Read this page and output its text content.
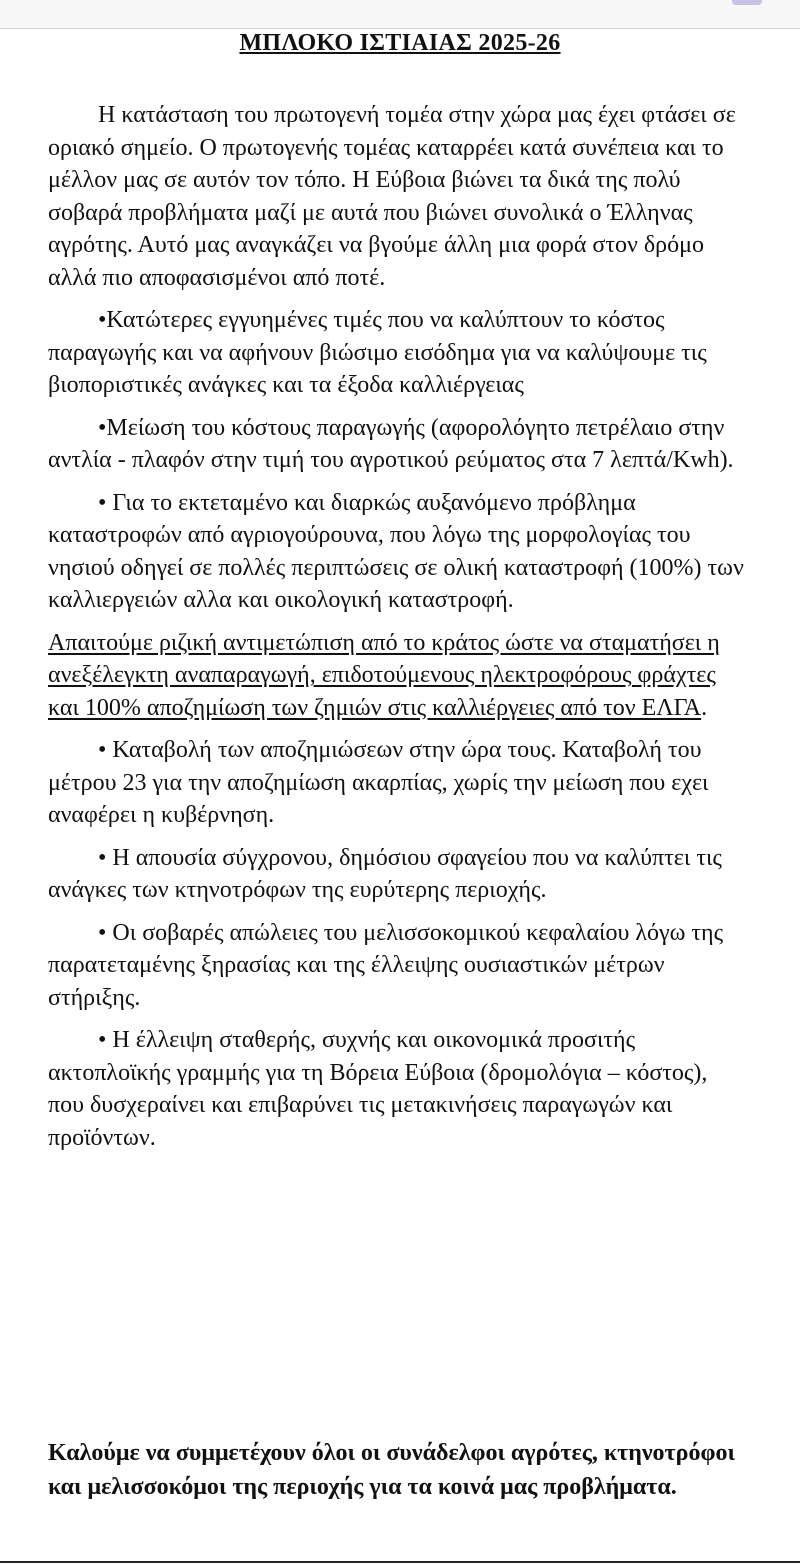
ΜΠΛΟΚΟ ΙΣΤΙΑΙΑΣ 2025-26

Η κατάσταση του πρωτογενή τομέα στην χώρα μας έχει φτάσει σε οριακό σημείο. Ο πρωτογενής τομέας καταρρέει κατά συνέπεια και το μέλλον μας σε αυτόν τον τόπο. Η Εύβοια βιώνει τα δικά της πολύ σοβαρά προβλήματα μαζί με αυτά που βιώνει συνολικά ο Έλληνας αγρότης. Αυτό μας αναγκάζει να βγούμε άλλη μια φορά στον δρόμο αλλά πιο αποφασισμένοι από ποτέ.

•Κατώτερες εγγυημένες τιμές που να καλύπτουν το κόστος παραγωγής και να αφήνουν βιώσιμο εισόδημα για να καλύψουμε τις βιοποριστικές ανάγκες και τα έξοδα καλλιέργειας

•Μείωση του κόστους παραγωγής (αφορολόγητο πετρέλαιο στην αντλία - πλαφόν στην τιμή του αγροτικού ρεύματος στα 7 λεπτά/Kwh).

• Για το εκτεταμένο και διαρκώς αυξανόμενο πρόβλημα καταστροφών από αγριογούρουνα, που λόγω της μορφολογίας του νησιού οδηγεί σε πολλές περιπτώσεις σε ολική καταστροφή (100%) των καλλιεργειών αλλα και οικολογική καταστροφή.

Απαιτούμε ριζική αντιμετώπιση από το κράτος ώστε να σταματήσει η ανεξέλεγκτη αναπαραγωγή, επιδοτούμενους ηλεκτροφόρους φράχτες και 100% αποζημίωση των ζημιών στις καλλιέργειες από τον ΕΛΓΑ.

• Καταβολή των αποζημιώσεων στην ώρα τους. Καταβολή του μέτρου 23 για την αποζημίωση ακαρπίας, χωρίς την μείωση που εχει αναφέρει η κυβέρνηση.

• Η απουσία σύγχρονου, δημόσιου σφαγείου που να καλύπτει τις ανάγκες των κτηνοτρόφων της ευρύτερης περιοχής.

• Οι σοβαρές απώλειες του μελισσοκομικού κεφαλαίου λόγω της παρατεταμένης ξηρασίας και της έλλειψης ουσιαστικών μέτρων στήριξης.

• Η έλλειψη σταθερής, συχνής και οικονομικά προσιτής ακτοπλοϊκής γραμμής για τη Βόρεια Εύβοια (δρομολόγια – κόστος), που δυσχεραίνει και επιβαρύνει τις μετακινήσεις παραγωγών και προϊόντων.

Καλούμε να συμμετέχουν όλοι οι συνάδελφοι αγρότες, κτηνοτρόφοι και μελισσοκόμοι της περιοχής για τα κοινά μας προβλήματα.
